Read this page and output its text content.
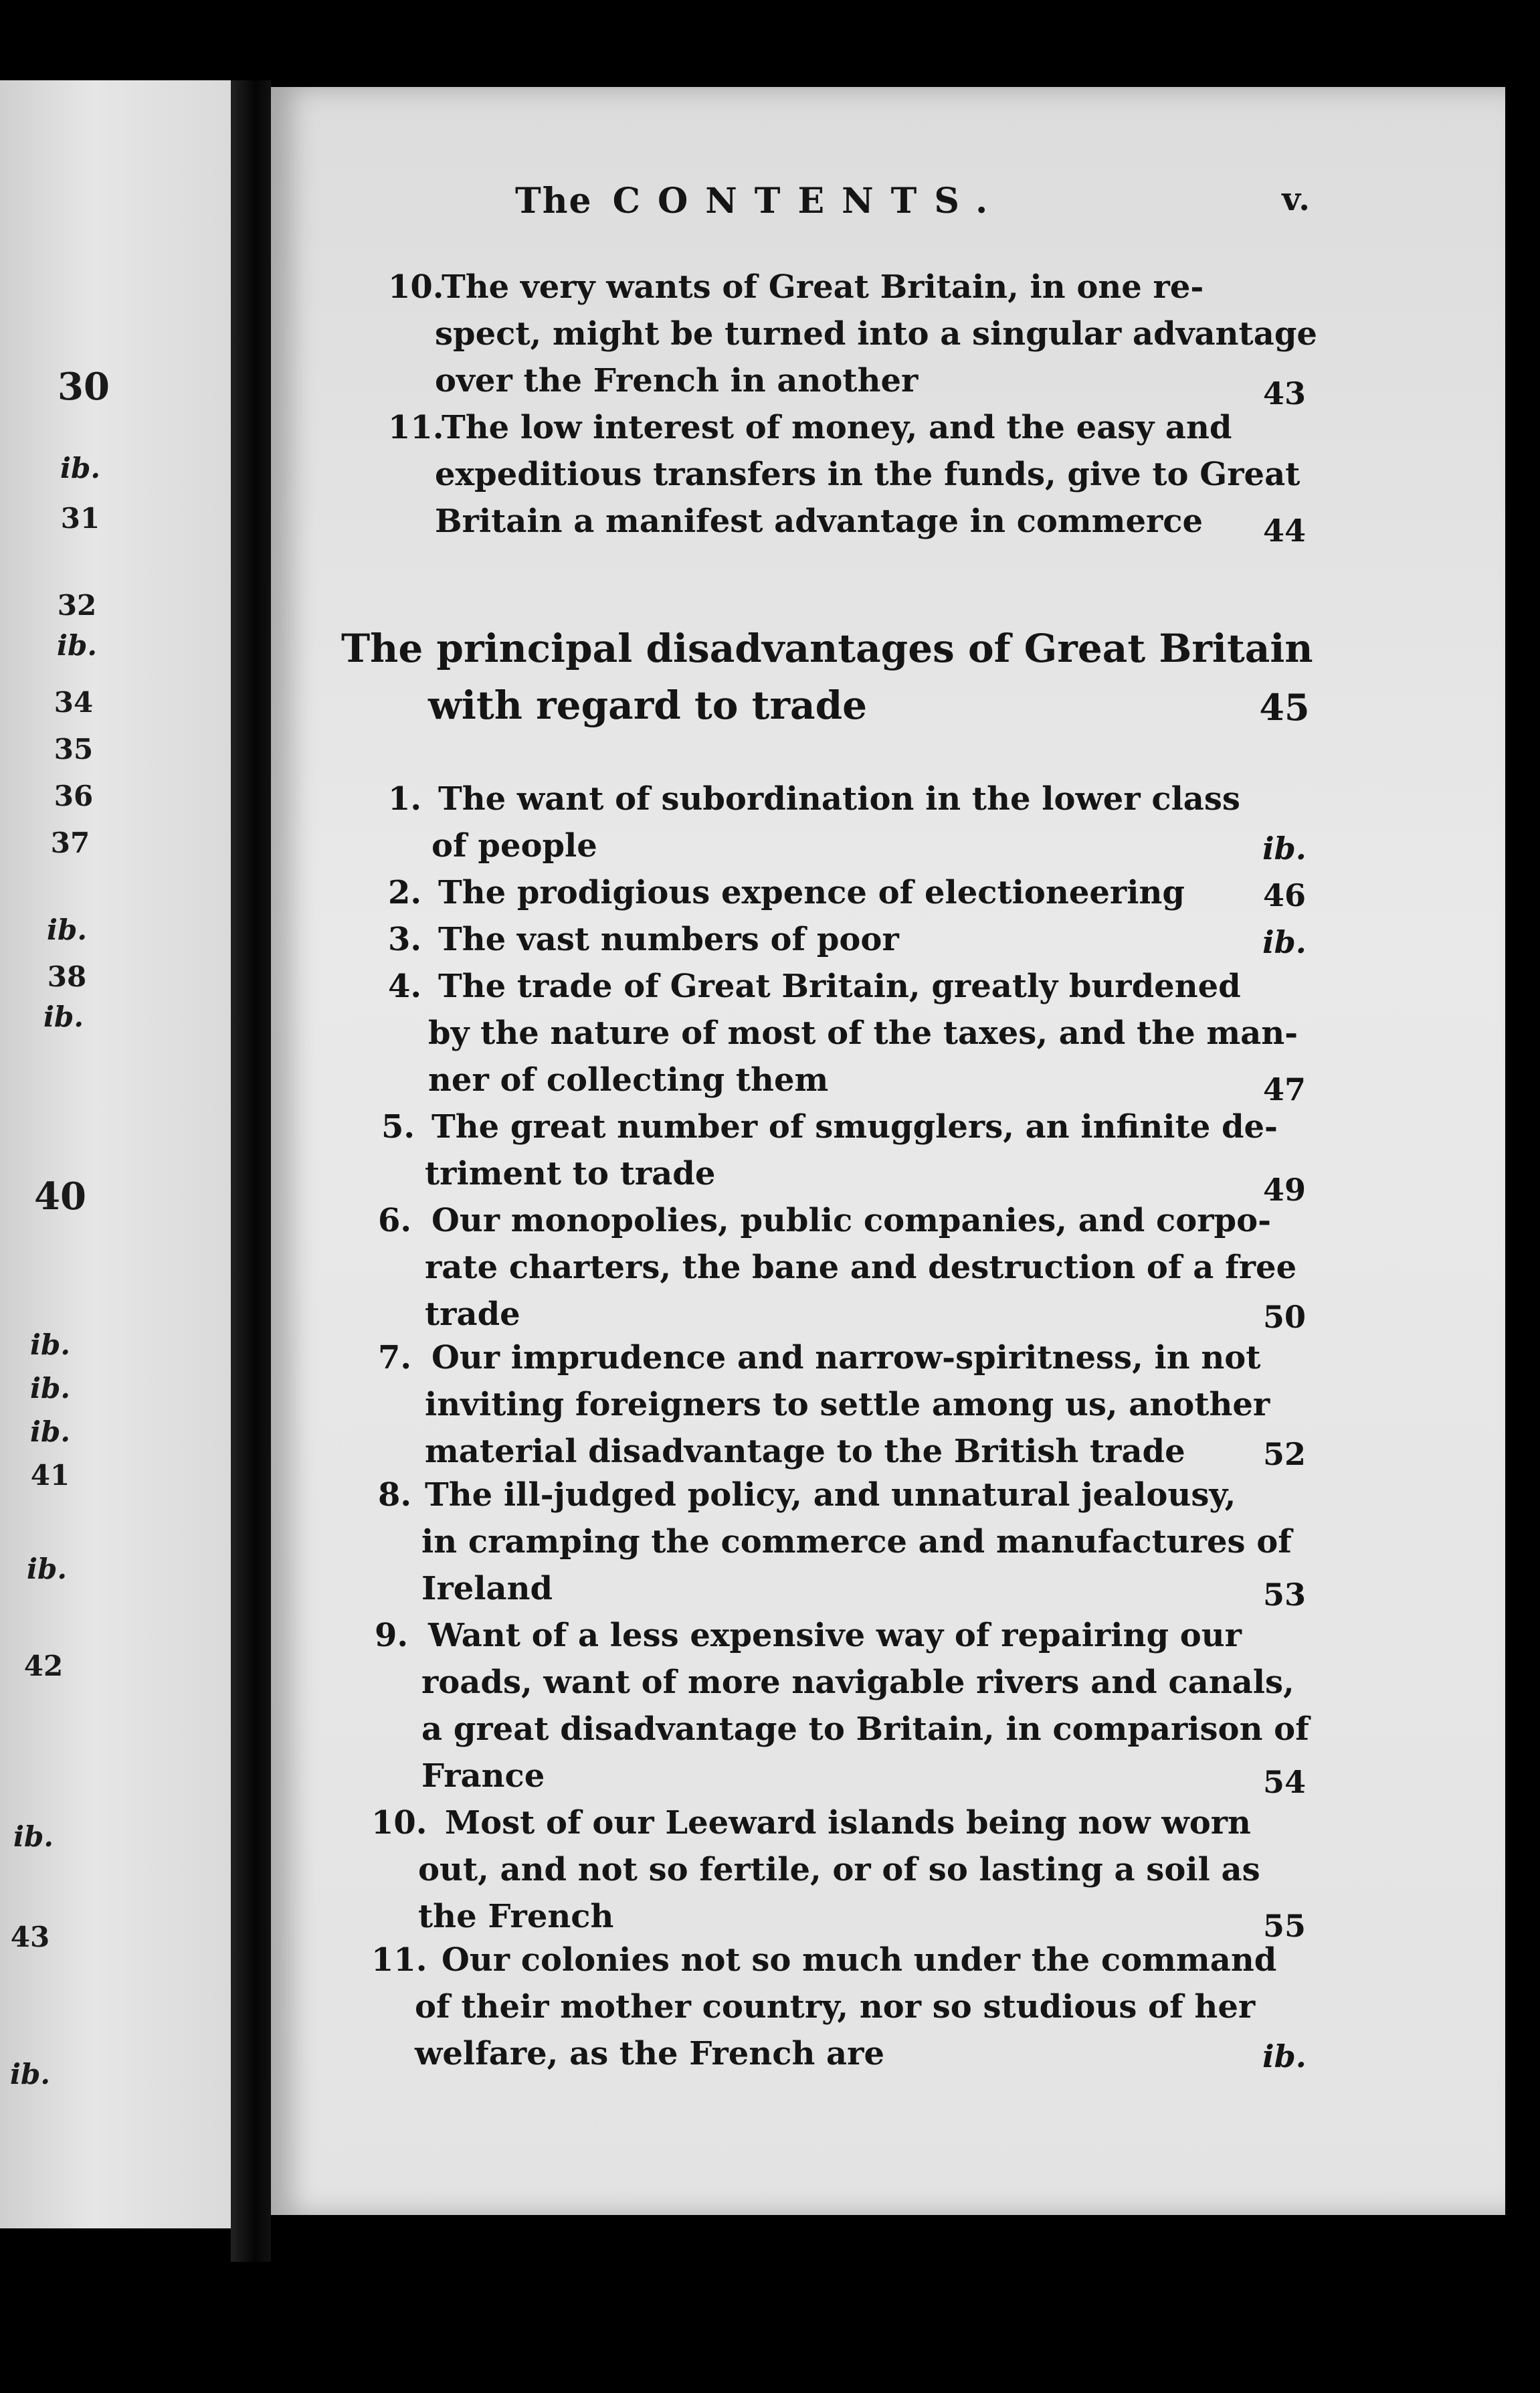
30
ib.
31
32
ib.
34
35
36
37
ib.
38
ib.
40
ib.
ib.
ib.
41
ib.
42
ib.
43
ib.
The CONTENTS.	v.
10.
The very wants of Great Britain, in one re-
spect, might be turned into a singular advantage
over the French in another	43
11.
The low interest of money, and the easy and
expeditious transfers in the funds, give to Great
Britain a manifest advantage in commerce 44
The principal disadvantages of Great Britain
with regard to trade	45
1. The want of subordination in the lower class
of people	ib.
2. The prodigious expence of electioneering	46
3. The vast numbers of poor	ib.
4. The trade of Great Britain, greatly burdened
by the nature of most of the taxes, and the man-
ner of collecting them	47
5. The great number of smugglers, an infinite de-
triment to trade	49
6. Our monopolies, public companies, and corpo-
rate charters, the bane and destruction of a free
trade	50
7. Our imprudence and narrow-spiritness, in not
inviting foreigners to settle among us, another
material disadvantage to the British trade	52
8. The ill-judged policy, and unnatural jealousy,
in cramping the commerce and manufactures of
Ireland	53
9. Want of a less expensive way of repairing our
roads, want of more navigable rivers and canals,
a great disadvantage to Britain, in comparison of
France	54
10. Most of our Leeward islands being now worn
out, and not so fertile, or of so lasting a soil as
the French	55
11. Our colonies not so much under the command
of their mother country, nor so studious of her
welfare, as the French are	ib.
